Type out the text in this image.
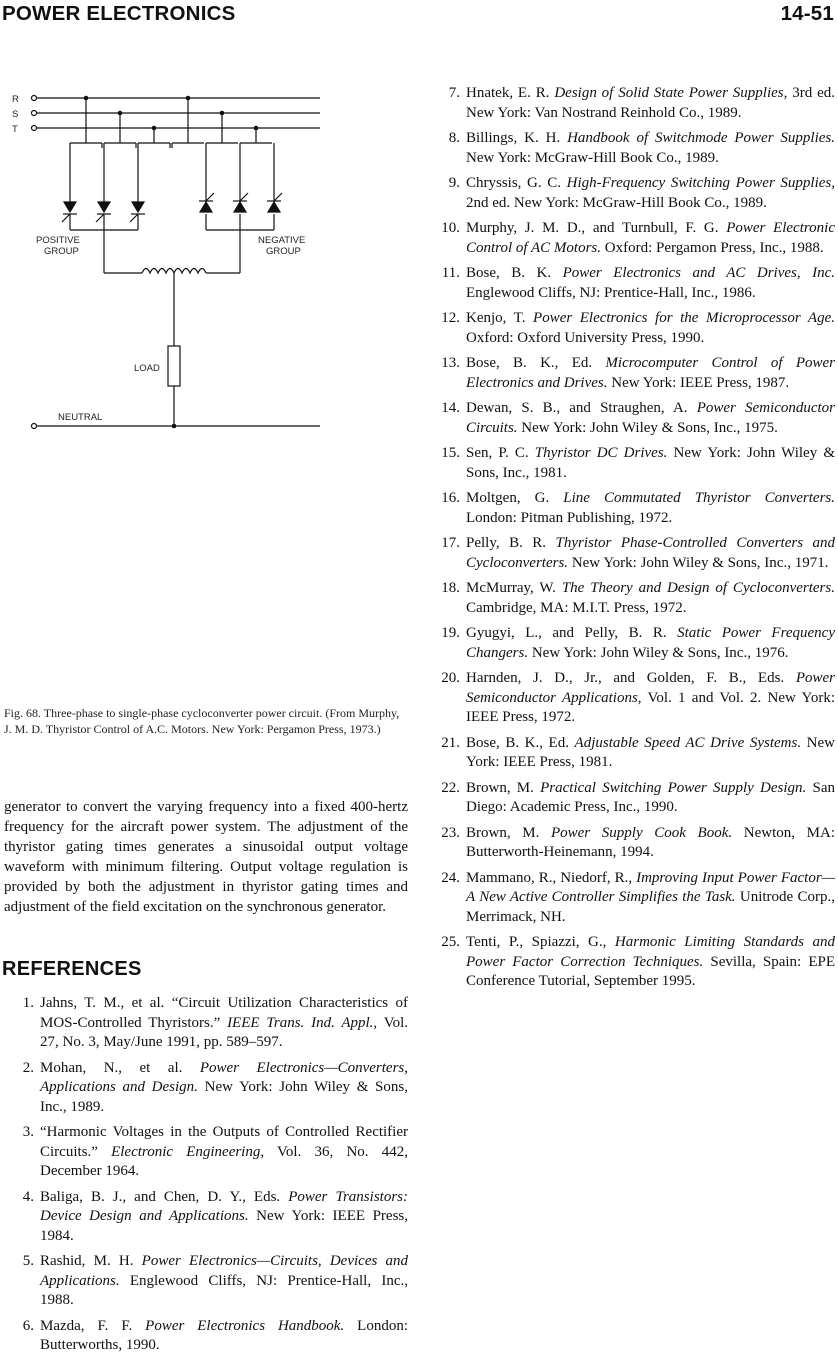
POWER ELECTRONICS	14-51
R
S
T
POSITIVE
GROUP
NEGATIVE
GROUP
LOAD
NEUTRAL
Fig. 68. Three-phase to single-phase cycloconverter power circuit. (From Murphy, J. M. D. Thyristor Control of A.C. Motors. New York: Pergamon Press, 1973.)
generator to convert the varying frequency into a fixed 400-hertz frequency for the aircraft power system. The adjustment of the thyristor gating times generates a sinusoidal output voltage waveform with minimum filtering. Output voltage regulation is provided by both the adjustment in thyristor gating times and adjustment of the field excitation on the synchronous generator.
REFERENCES
1. Jahns, T. M., et al. “Circuit Utilization Characteristics of MOS-Controlled Thyristors.” IEEE Trans. Ind. Appl., Vol. 27, No. 3, May/June 1991, pp. 589–597.
2. Mohan, N., et al. Power Electronics—Converters, Applications and Design. New York: John Wiley & Sons, Inc., 1989.
3. “Harmonic Voltages in the Outputs of Controlled Rectifier Circuits.” Electronic Engineering, Vol. 36, No. 442, December 1964.
4. Baliga, B. J., and Chen, D. Y., Eds. Power Transistors: Device Design and Applications. New York: IEEE Press, 1984.
5. Rashid, M. H. Power Electronics—Circuits, Devices and Applications. Englewood Cliffs, NJ: Prentice-Hall, Inc., 1988.
6. Mazda, F. F. Power Electronics Handbook. London: Butterworths, 1990.
7. Hnatek, E. R. Design of Solid State Power Supplies, 3rd ed. New York: Van Nostrand Reinhold Co., 1989.
8. Billings, K. H. Handbook of Switchmode Power Supplies. New York: McGraw-Hill Book Co., 1989.
9. Chryssis, G. C. High-Frequency Switching Power Supplies, 2nd ed. New York: McGraw-Hill Book Co., 1989.
10. Murphy, J. M. D., and Turnbull, F. G. Power Electronic Control of AC Motors. Oxford: Pergamon Press, Inc., 1988.
11. Bose, B. K. Power Electronics and AC Drives, Inc. Englewood Cliffs, NJ: Prentice-Hall, Inc., 1986.
12. Kenjo, T. Power Electronics for the Microprocessor Age. Oxford: Oxford University Press, 1990.
13. Bose, B. K., Ed. Microcomputer Control of Power Electronics and Drives. New York: IEEE Press, 1987.
14. Dewan, S. B., and Straughen, A. Power Semiconductor Circuits. New York: John Wiley & Sons, Inc., 1975.
15. Sen, P. C. Thyristor DC Drives. New York: John Wiley & Sons, Inc., 1981.
16. Moltgen, G. Line Commutated Thyristor Converters. London: Pitman Publishing, 1972.
17. Pelly, B. R. Thyristor Phase-Controlled Converters and Cycloconverters. New York: John Wiley & Sons, Inc., 1971.
18. McMurray, W. The Theory and Design of Cycloconverters. Cambridge, MA: M.I.T. Press, 1972.
19. Gyugyi, L., and Pelly, B. R. Static Power Frequency Changers. New York: John Wiley & Sons, Inc., 1976.
20. Harnden, J. D., Jr., and Golden, F. B., Eds. Power Semiconductor Applications, Vol. 1 and Vol. 2. New York: IEEE Press, 1972.
21. Bose, B. K., Ed. Adjustable Speed AC Drive Systems. New York: IEEE Press, 1981.
22. Brown, M. Practical Switching Power Supply Design. San Diego: Academic Press, Inc., 1990.
23. Brown, M. Power Supply Cook Book. Newton, MA: Butterworth-Heinemann, 1994.
24. Mammano, R., Niedorf, R., Improving Input Power Factor—A New Active Controller Simplifies the Task. Unitrode Corp., Merrimack, NH.
25. Tenti, P., Spiazzi, G., Harmonic Limiting Standards and Power Factor Correction Techniques. Sevilla, Spain: EPE Conference Tutorial, September 1995.
